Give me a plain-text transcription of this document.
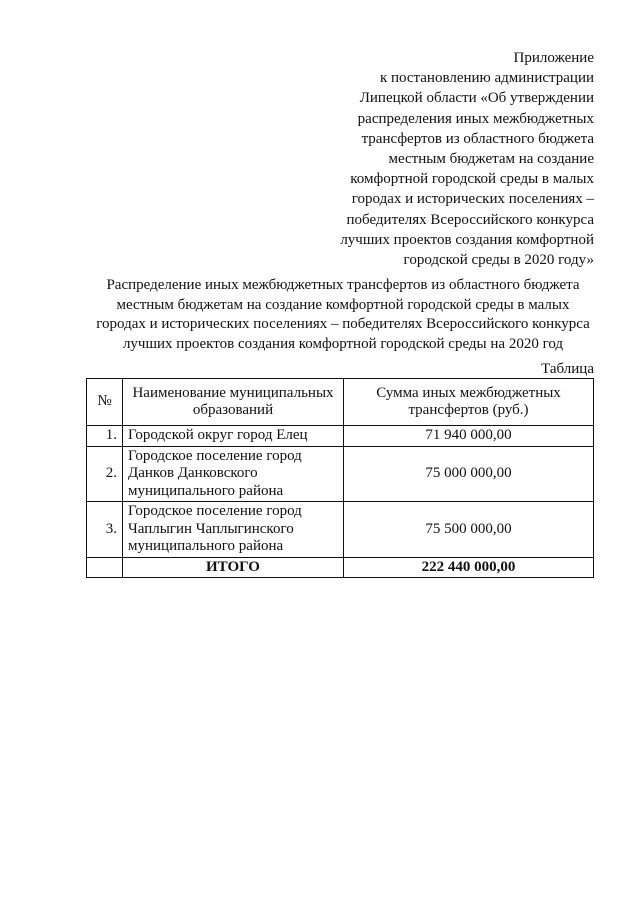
Приложение
к постановлению администрации
Липецкой области «Об утверждении
распределения иных межбюджетных
трансфертов из областного бюджета
местным бюджетам на создание
комфортной городской среды в малых
городах и исторических поселениях –
победителях Всероссийского конкурса
лучших проектов создания комфортной
городской среды в 2020 году»
Распределение иных межбюджетных трансфертов из областного бюджета
местным бюджетам на создание комфортной городской среды в малых
городах и исторических поселениях – победителях Всероссийского конкурса
лучших проектов создания комфортной городской среды на 2020 год
Таблица
№	Наименование муниципальных образований	Сумма иных межбюджетных трансфертов (руб.)
1.	Городской округ город Елец	71 940 000,00
2.	Городское поселение город Данков Данковского муниципального района	75 000 000,00
3.	Городское поселение город Чаплыгин Чаплыгинского муниципального района	75 500 000,00
	ИТОГО	222 440 000,00
